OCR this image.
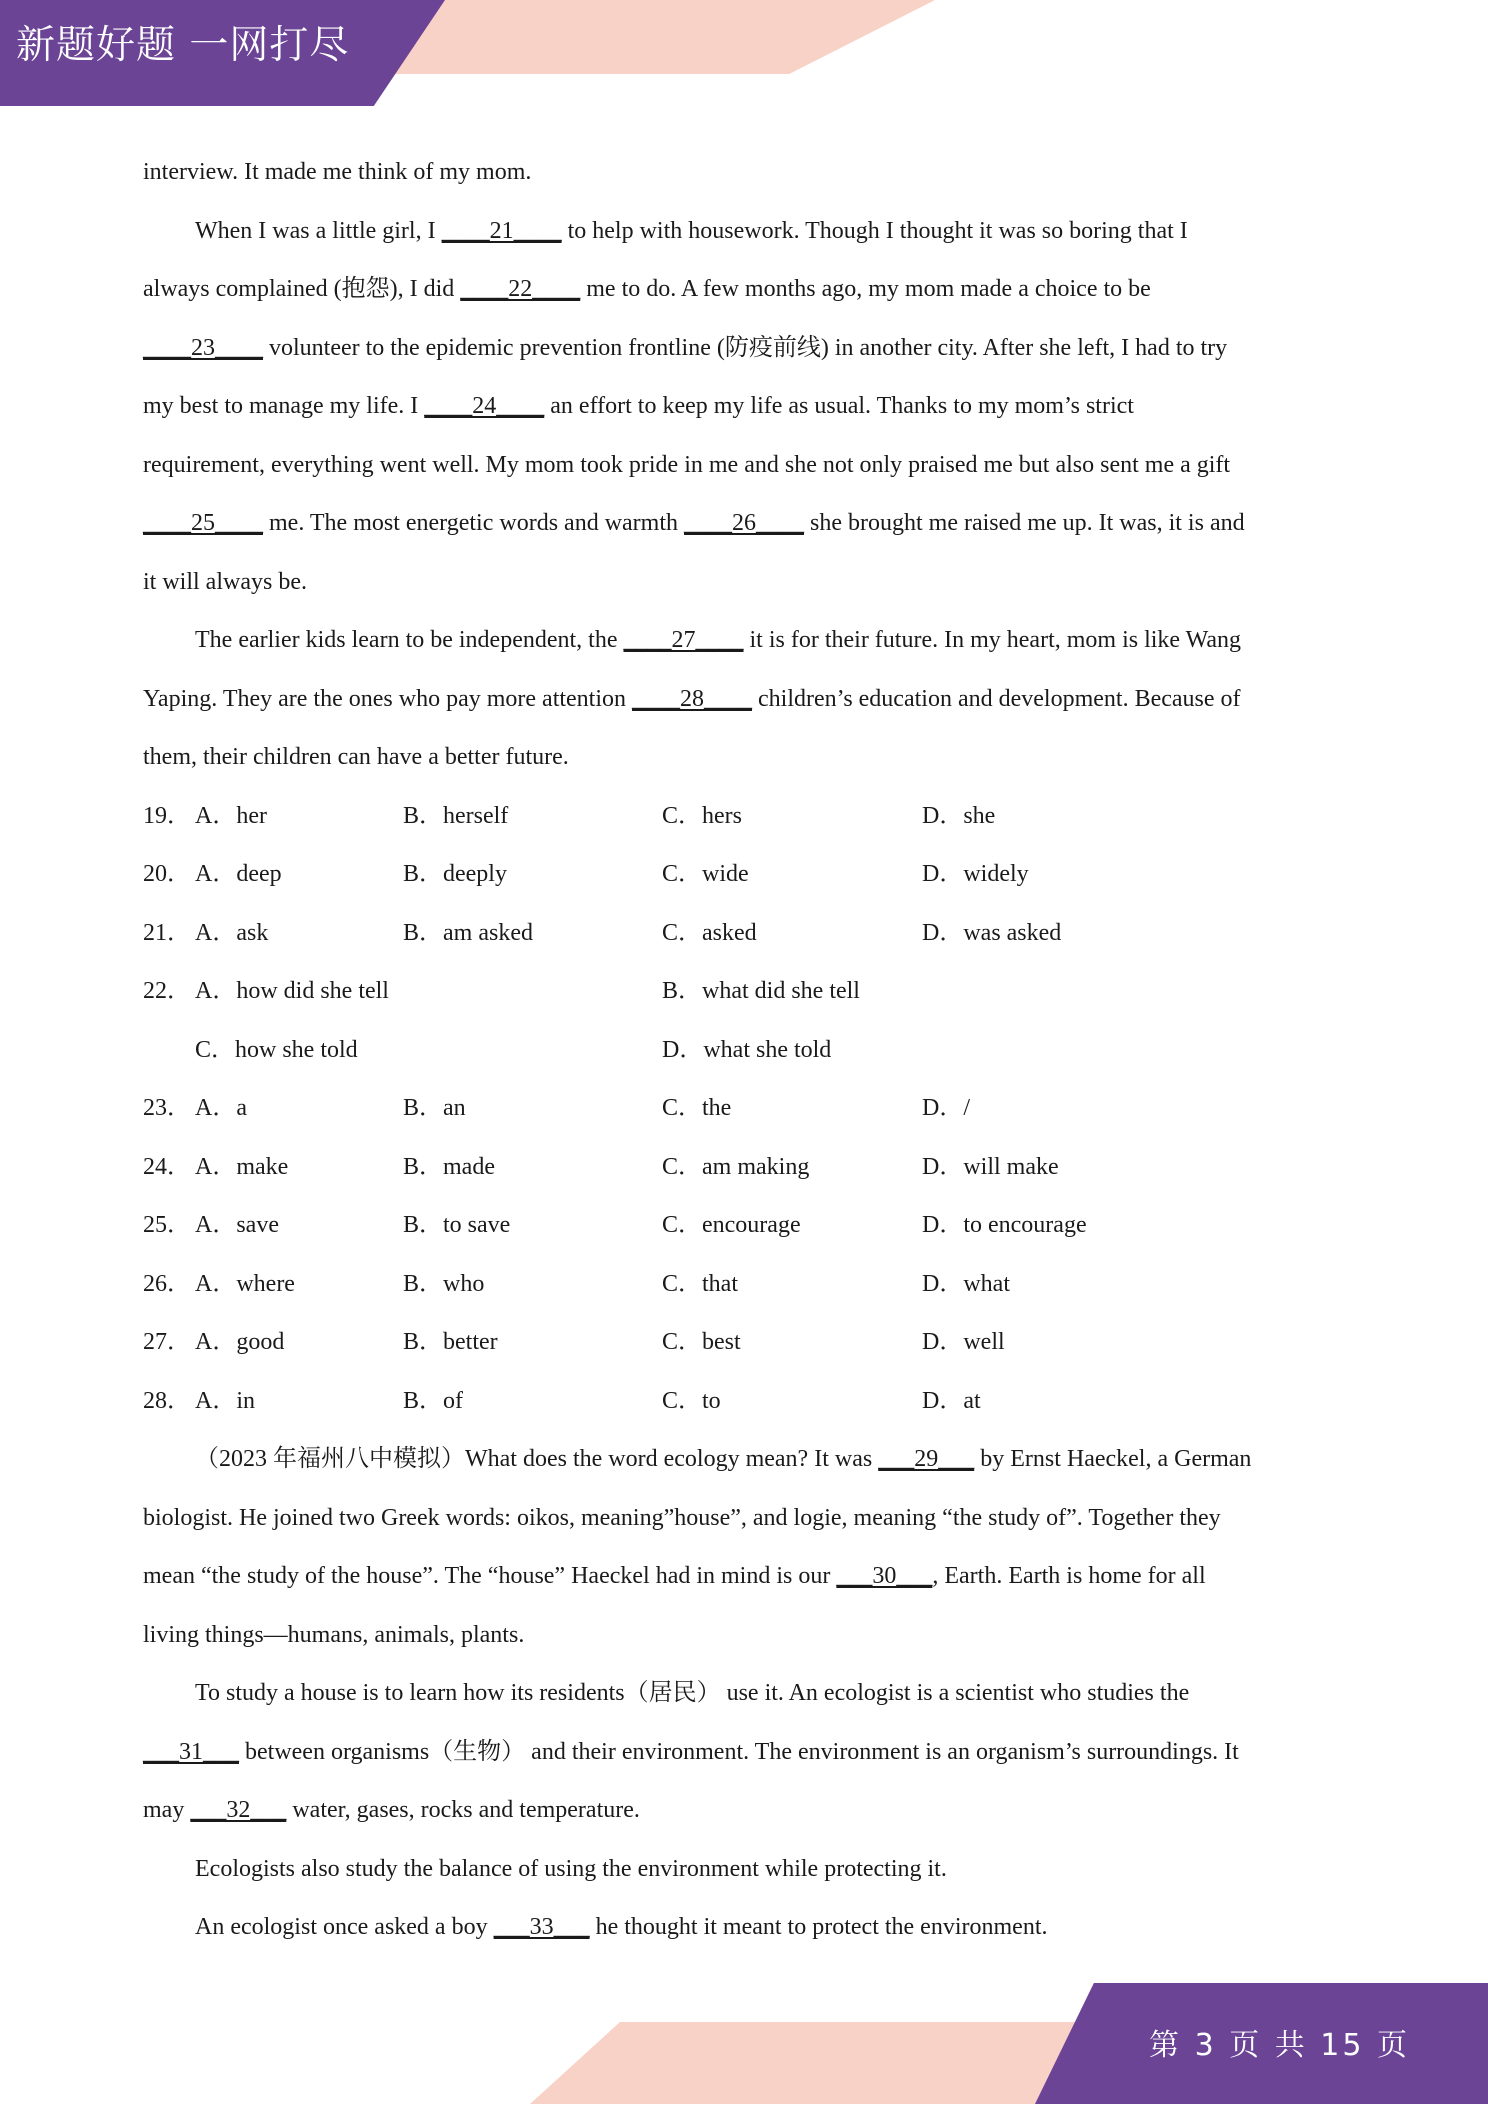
新题好题 一网打尽
interview. It made me think of my mom.
When I was a little girl, I ____21____ to help with housework. Though I thought it was so boring that I
always complained (抱怨), I did ____22____ me to do. A few months ago, my mom made a choice to be
____23____ volunteer to the epidemic prevention frontline (防疫前线) in another city. After she left, I had to try
my best to manage my life. I ____24____ an effort to keep my life as usual. Thanks to my mom’s strict
requirement, everything went well. My mom took pride in me and she not only praised me but also sent me a gift
____25____ me. The most energetic words and warmth ____26____ she brought me raised me up. It was, it is and
it will always be.
The earlier kids learn to be independent, the ____27____ it is for their future. In my heart, mom is like Wang
Yaping. They are the ones who pay more attention ____28____ children’s education and development. Because of
them, their children can have a better future.
19． A．her	B．herself	C．hers	D．she
20． A．deep	B．deeply	C．wide	D．widely
21． A．ask	B．am asked	C．asked	D．was asked
22． A．how did she tell	B．what did she tell
C．how she told	D．what she told
23． A．a	B．an	C．the	D．/
24． A．make	B．made	C．am making	D．will make
25． A．save	B．to save	C．encourage	D．to encourage
26． A．where	B．who	C．that	D．what
27． A．good	B．better	C．best	D．well
28． A．in	B．of	C．to	D．at
（2023 年福州八中模拟）What does the word ecology mean? It was ___29___ by Ernst Haeckel, a German
biologist. He joined two Greek words: oikos, meaning”house”, and logie, meaning “the study of”. Together they
mean “the study of the house”. The “house” Haeckel had in mind is our ___30___, Earth. Earth is home for all
living things—humans, animals, plants.
To study a house is to learn how its residents（居民） use it. An ecologist is a scientist who studies the
___31___ between organisms（生物） and their environment. The environment is an organism’s surroundings. It
may ___32___ water, gases, rocks and temperature.
Ecologists also study the balance of using the environment while protecting it.
An ecologist once asked a boy ___33___ he thought it meant to protect the environment.
第 3 页 共 15 页
